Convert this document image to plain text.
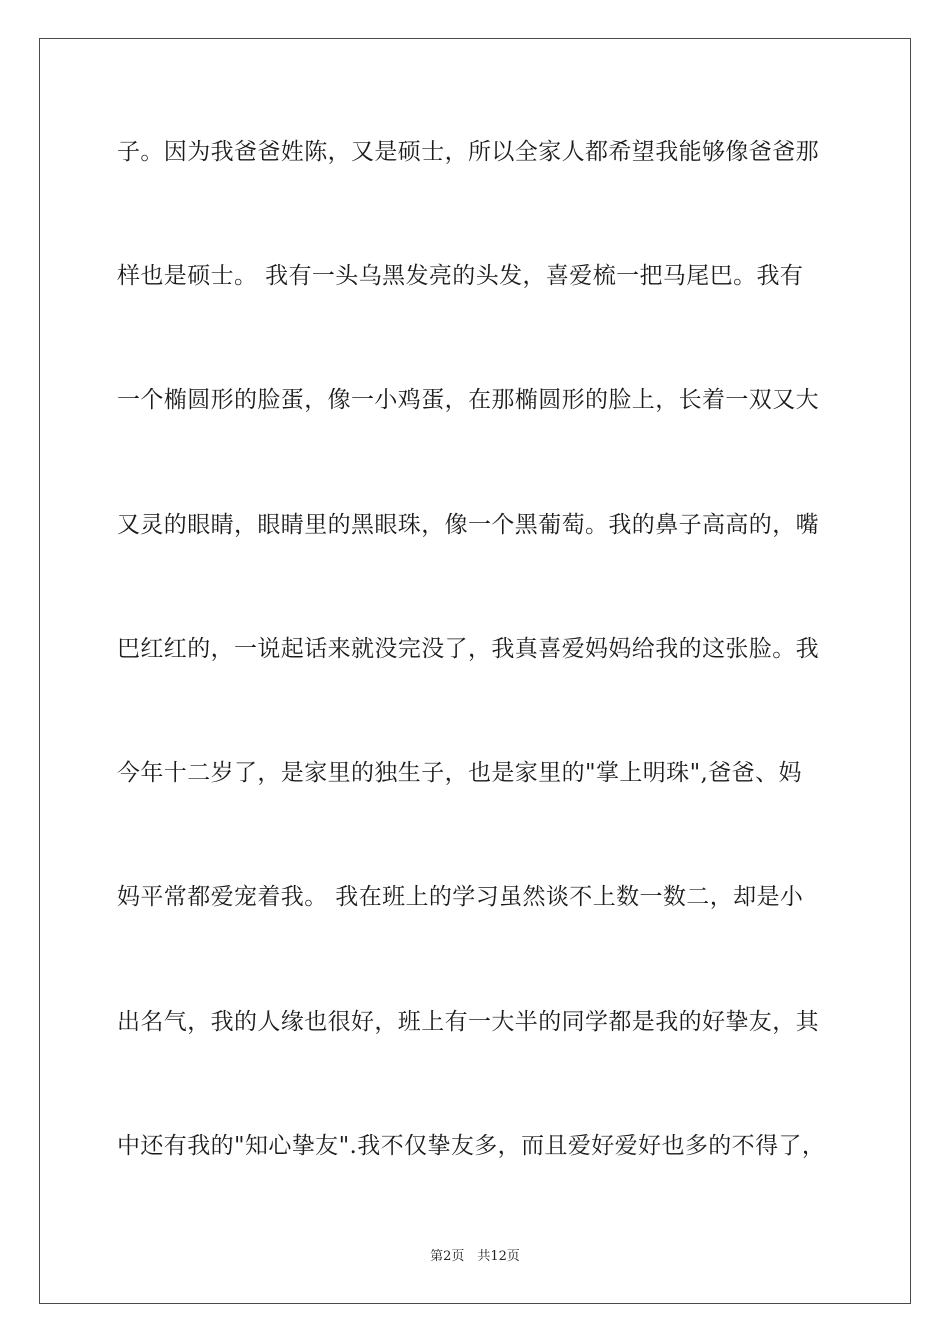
子。因为我爸爸姓陈，又是硕士，所以全家人都希望我能够像爸爸那
样也是硕士。 我有一头乌黑发亮的头发，喜爱梳一把马尾巴。我有
一个椭圆形的脸蛋，像一小鸡蛋，在那椭圆形的脸上，长着一双又大
又灵的眼睛，眼睛里的黑眼珠，像一个黑葡萄。我的鼻子高高的，嘴
巴红红的，一说起话来就没完没了，我真喜爱妈妈给我的这张脸。我
今年十二岁了，是家里的独生子，也是家里的"掌上明珠",爸爸、妈
妈平常都爱宠着我。 我在班上的学习虽然谈不上数一数二，却是小
出名气，我的人缘也很好，班上有一大半的同学都是我的好挚友，其
中还有我的"知心挚友".我不仅挚友多，而且爱好爱好也多的不得了，
第2页　共12页
